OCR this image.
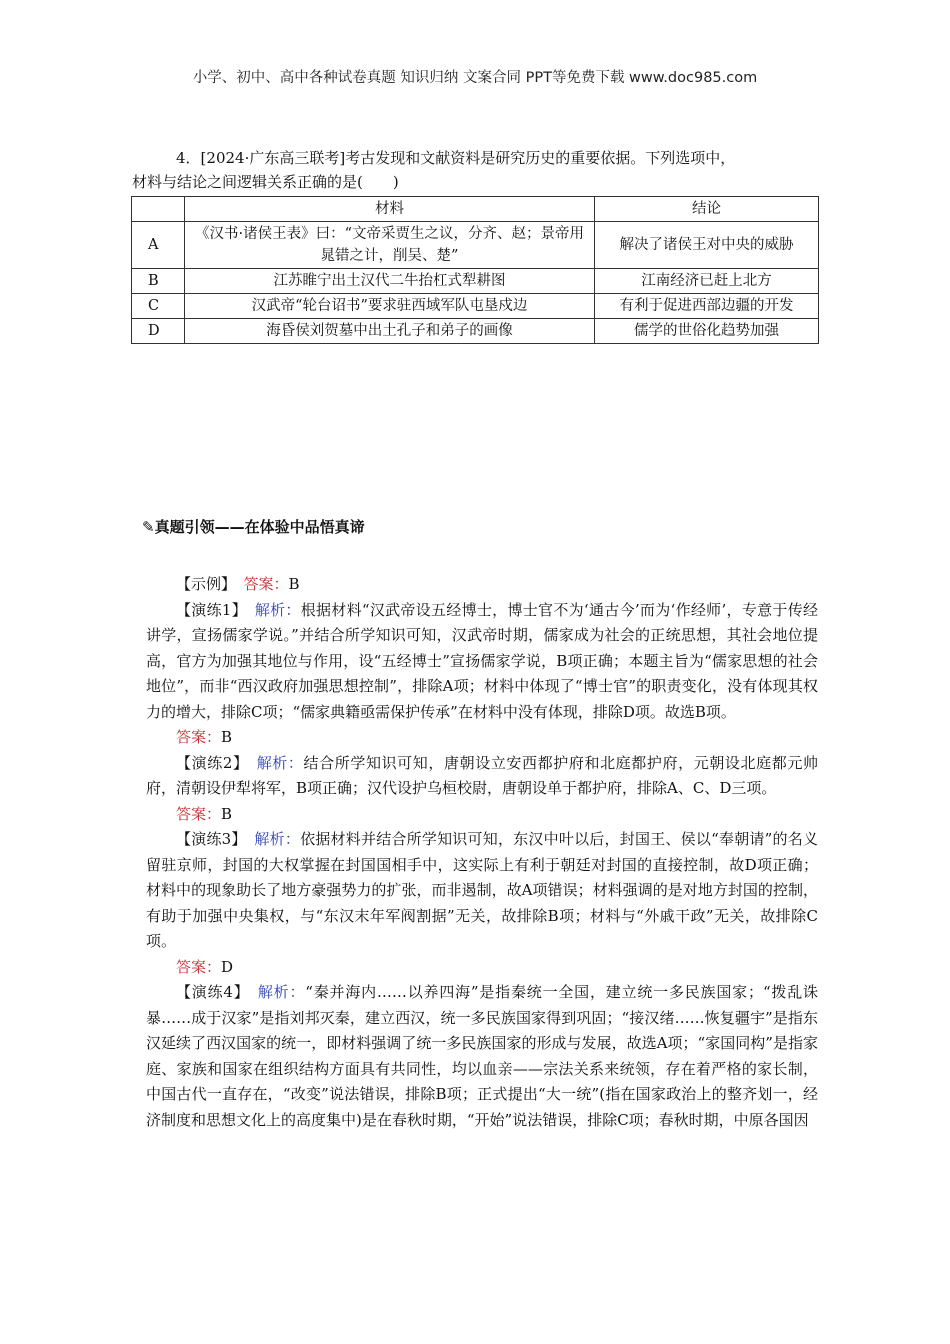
小学、初中、高中各种试卷真题 知识归纳 文案合同 PPT等免费下载 www.doc985.com
4．[2024·广东高三联考]考古发现和文献资料是研究历史的重要依据。下列选项中，
材料与结论之间逻辑关系正确的是(　　)
	材料	结论
A	《汉书·诸侯王表》曰：“文帝采贾生之议，分齐、赵；景帝用晁错之计，削吴、楚”	解决了诸侯王对中央的威胁
B	江苏睢宁出土汉代二牛抬杠式犁耕图	江南经济已赶上北方
C	汉武帝“轮台诏书”要求驻西域军队屯垦戍边	有利于促进西部边疆的开发
D	海昏侯刘贺墓中出土孔子和弟子的画像	儒学的世俗化趋势加强
✎真题引领——在体验中品悟真谛

【示例】　 答案：B

【演练1】　 解析：根据材料“汉武帝设五经博士，博士官不为‘通古今’而为‘作经师’，专意于传经讲学，宣扬儒家学说。”并结合所学知识可知，汉武帝时期，儒家成为社会的正统思想，其社会地位提高，官方为加强其地位与作用，设“五经博士”宣扬儒家学说，B项正确；本题主旨为“儒家思想的社会地位”，而非“西汉政府加强思想控制”，排除A项；材料中体现了“博士官”的职责变化，没有体现其权力的增大，排除C项；“儒家典籍亟需保护传承”在材料中没有体现，排除D项。故选B项。

答案：B

【演练2】　 解析：结合所学知识可知，唐朝设立安西都护府和北庭都护府，元朝设北庭都元帅府，清朝设伊犁将军，B项正确；汉代设护乌桓校尉，唐朝设单于都护府，排除A、C、D三项。

答案：B

【演练3】　 解析：依据材料并结合所学知识可知，东汉中叶以后，封国王、侯以“奉朝请”的名义留驻京师，封国的大权掌握在封国国相手中，这实际上有利于朝廷对封国的直接控制，故D项正确；材料中的现象助长了地方豪强势力的扩张，而非遏制，故A项错误；材料强调的是对地方封国的控制，有助于加强中央集权，与“东汉末年军阀割据”无关，故排除B项；材料与“外戚干政”无关，故排除C项。

答案：D

【演练4】　 解析：“秦并海内……以养四海”是指秦统一全国，建立统一多民族国家；“拨乱诛暴……成于汉家”是指刘邦灭秦，建立西汉，统一多民族国家得到巩固；“接汉绪……恢复疆宇”是指东汉延续了西汉国家的统一，即材料强调了统一多民族国家的形成与发展，故选A项；“家国同构”是指家庭、家族和国家在组织结构方面具有共同性，均以血亲——宗法关系来统领，存在着严格的家长制，中国古代一直存在，“改变”说法错误，排除B项；正式提出“大一统”(指在国家政治上的整齐划一，经济制度和思想文化上的高度集中)是在春秋时期，“开始”说法错误，排除C项；春秋时期，中原各国因
